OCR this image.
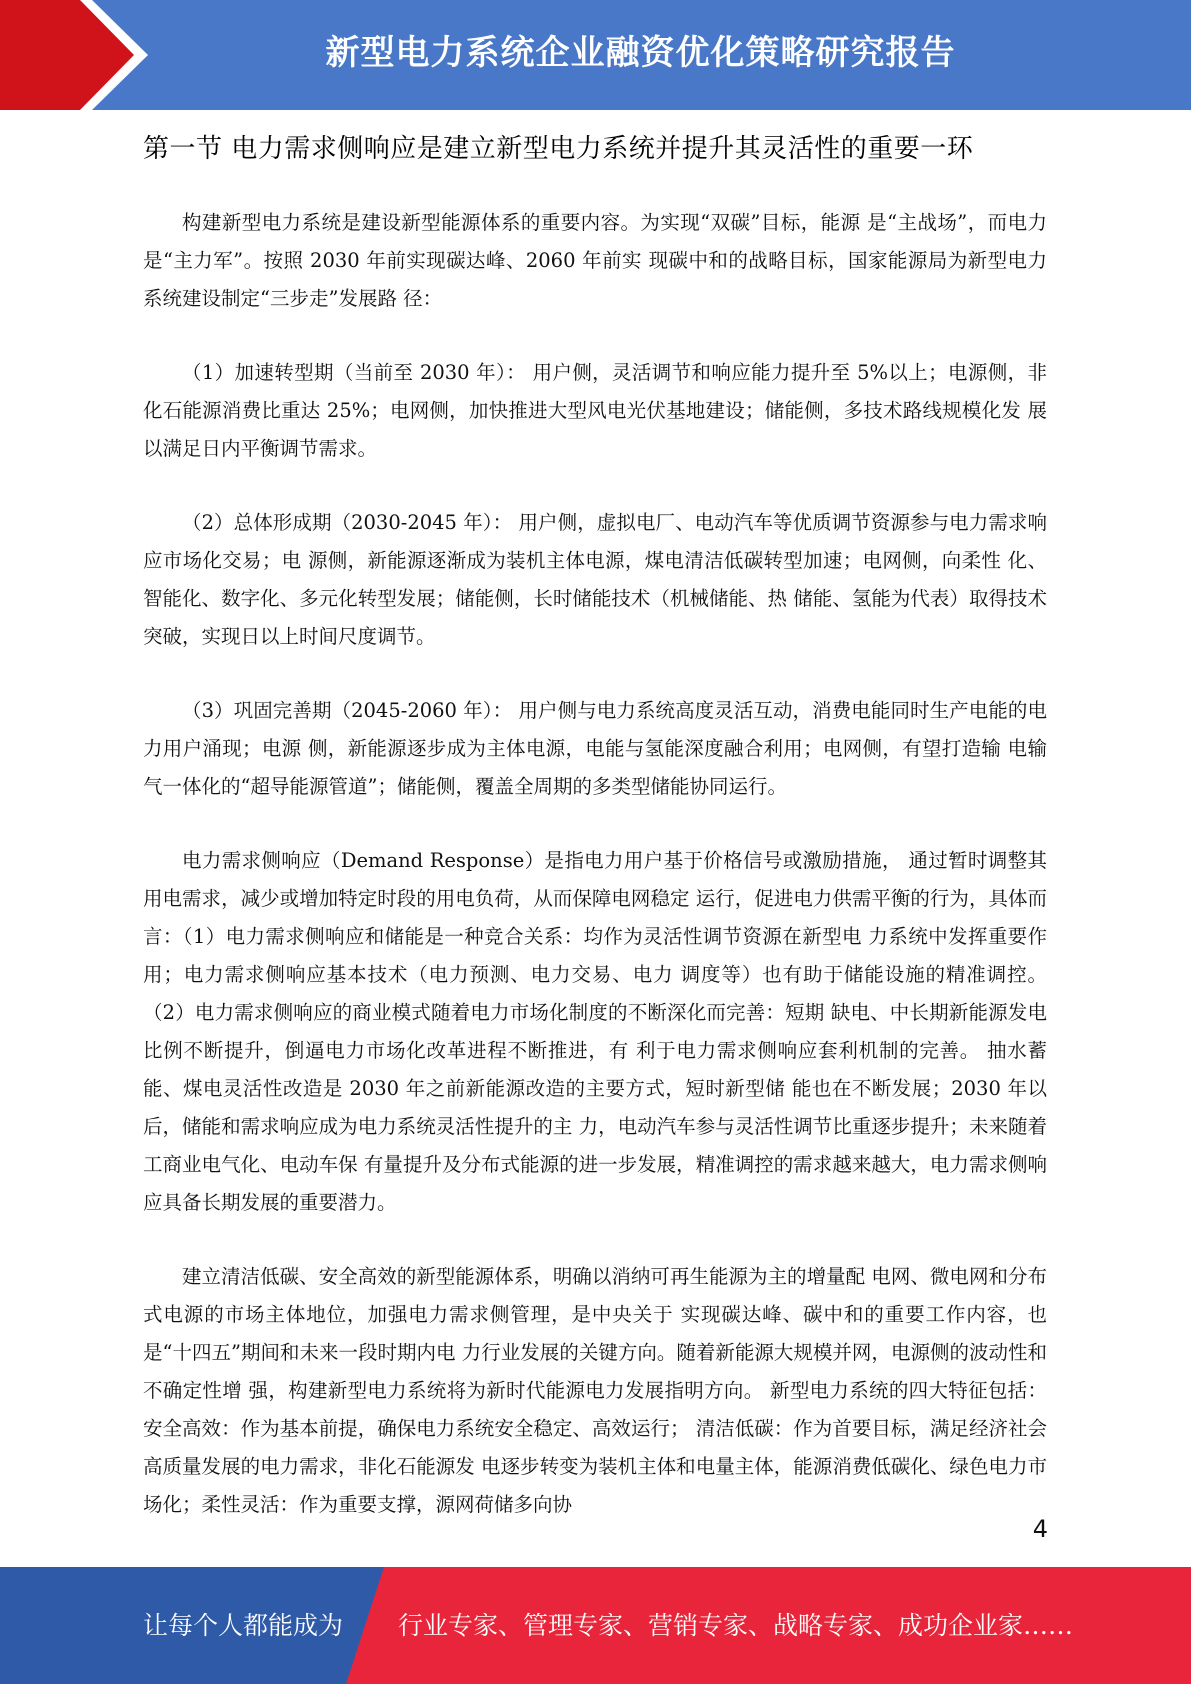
新型电力系统企业融资优化策略研究报告
第一节 电力需求侧响应是建立新型电力系统并提升其灵活性的重要一环

构建新型电力系统是建设新型能源体系的重要内容。为实现“双碳”目标，能源 是“主战场”，而电力是“主力军”。按照 2030 年前实现碳达峰、2060 年前实 现碳中和的战略目标，国家能源局为新型电力系统建设制定“三步走”发展路 径：

（1）加速转型期（当前至 2030 年）： 用户侧，灵活调节和响应能力提升至 5%以上；电源侧，非化石能源消费比重达 25%；电网侧，加快推进大型风电光伏基地建设；储能侧，多技术路线规模化发 展以满足日内平衡调节需求。

（2）总体形成期（2030-2045 年）： 用户侧，虚拟电厂、电动汽车等优质调节资源参与电力需求响应市场化交易；电 源侧，新能源逐渐成为装机主体电源，煤电清洁低碳转型加速；电网侧，向柔性 化、智能化、数字化、多元化转型发展；储能侧，长时储能技术（机械储能、热 储能、氢能为代表）取得技术突破，实现日以上时间尺度调节。

（3）巩固完善期（2045-2060 年）： 用户侧与电力系统高度灵活互动，消费电能同时生产电能的电力用户涌现；电源 侧，新能源逐步成为主体电源，电能与氢能深度融合利用；电网侧，有望打造输 电输气一体化的“超导能源管道”；储能侧，覆盖全周期的多类型储能协同运行。

电力需求侧响应（Demand Response）是指电力用户基于价格信号或激励措施， 通过暂时调整其用电需求，减少或增加特定时段的用电负荷，从而保障电网稳定 运行，促进电力供需平衡的行为，具体而言：（1）电力需求侧响应和储能是一种竞合关系：均作为灵活性调节资源在新型电 力系统中发挥重要作用；电力需求侧响应基本技术（电力预测、电力交易、电力 调度等）也有助于储能设施的精准调控。 （2）电力需求侧响应的商业模式随着电力市场化制度的不断深化而完善：短期 缺电、中长期新能源发电比例不断提升，倒逼电力市场化改革进程不断推进，有 利于电力需求侧响应套利机制的完善。 抽水蓄能、煤电灵活性改造是 2030 年之前新能源改造的主要方式，短时新型储 能也在不断发展；2030 年以后，储能和需求响应成为电力系统灵活性提升的主 力，电动汽车参与灵活性调节比重逐步提升；未来随着工商业电气化、电动车保 有量提升及分布式能源的进一步发展，精准调控的需求越来越大，电力需求侧响 应具备长期发展的重要潜力。

建立清洁低碳、安全高效的新型能源体系，明确以消纳可再生能源为主的增量配 电网、微电网和分布式电源的市场主体地位，加强电力需求侧管理，是中央关于 实现碳达峰、碳中和的重要工作内容，也是“十四五”期间和未来一段时期内电 力行业发展的关键方向。随着新能源大规模并网，电源侧的波动性和不确定性增 强，构建新型电力系统将为新时代能源电力发展指明方向。 新型电力系统的四大特征包括： 安全高效：作为基本前提，确保电力系统安全稳定、高效运行； 清洁低碳：作为首要目标，满足经济社会高质量发展的电力需求，非化石能源发 电逐步转变为装机主体和电量主体，能源消费低碳化、绿色电力市场化；柔性灵活：作为重要支撑，源网荷储多向协

4
让每个人都能成为 行业专家、管理专家、营销专家、战略专家、成功企业家……
